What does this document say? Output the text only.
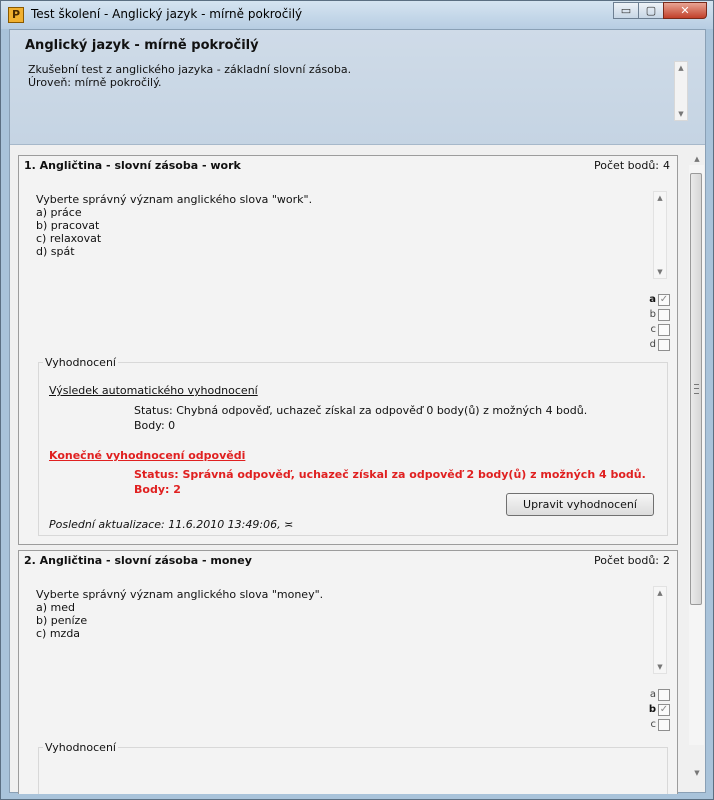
P Test školení - Anglický jazyk - mírně pokročilý	▭	▢	✕
Anglický jazyk - mírně pokročilý
Zkušební test z anglického jazyka - základní slovní zásoba.
Úroveň: mírně pokročilý.
▲
▼
1. Angličtina - slovní zásoba - work	Počet bodů: 4
Vyberte správný význam anglického slova "work".
a) práce
b) pracovat
c) relaxovat
d) spát
▲
▼
a ✓
b
c
d
Vyhodnocení
Výsledek automatického vyhodnocení
Status: Chybná odpověď, uchazeč získal za odpověď 0 body(ů) z možných 4 bodů.
Body: 0
Konečné vyhodnocení odpovědi
Status: Správná odpověď, uchazeč získal za odpověď 2 body(ů) z možných 4 bodů.
Body: 2
Upravit vyhodnocení
Poslední aktualizace: 11.6.2010 13:49:06, ≍
2. Angličtina - slovní zásoba - money	Počet bodů: 2
Vyberte správný význam anglického slova "money".
a) med
b) peníze
c) mzda
▲
▼
a
b ✓
c
Vyhodnocení
▲
▼
